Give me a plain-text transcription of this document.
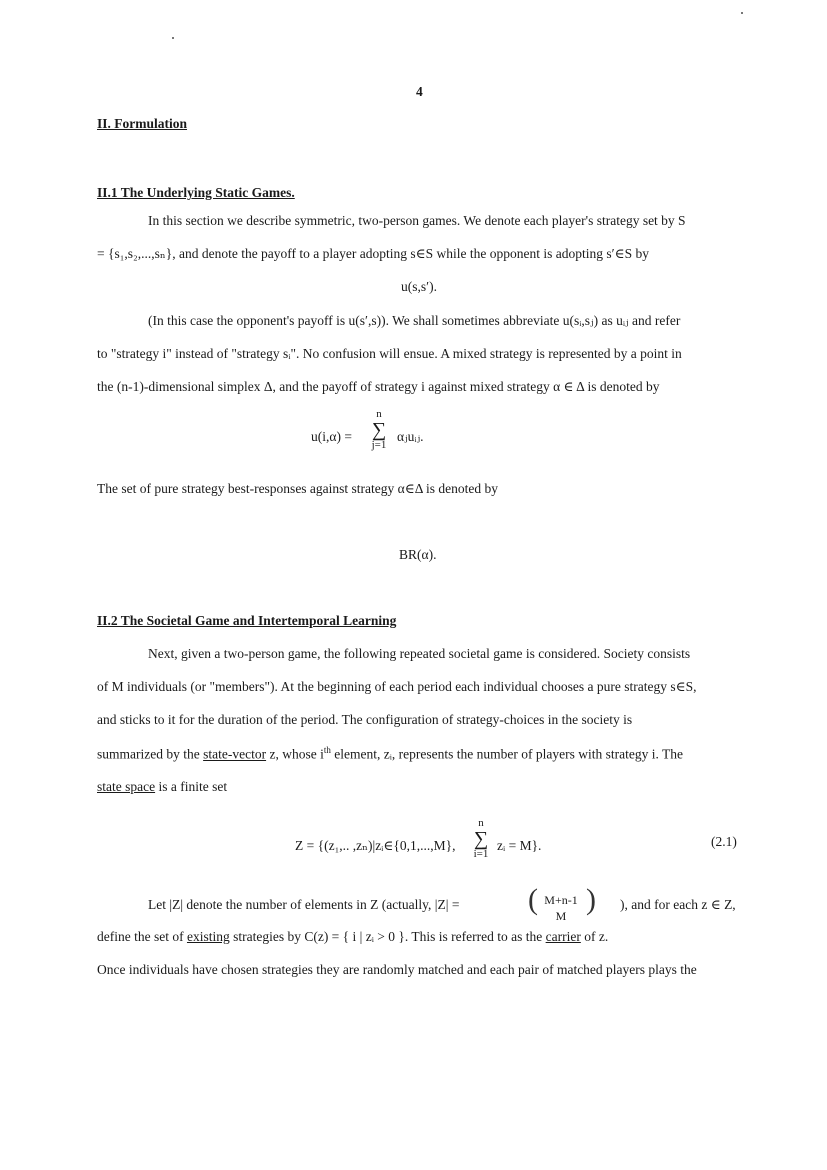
4
II. Formulation
II.1 The Underlying Static Games.
In this section we describe symmetric, two-person games. We denote each player's strategy set by S
= {s₁,s₂,...,sₙ}, and denote the payoff to a player adopting s∈S while the opponent is adopting s′∈S by
u(s,s′).
(In this case the opponent's payoff is u(s′,s)). We shall sometimes abbreviate u(sᵢ,sⱼ) as uᵢⱼ and refer
to "strategy i" instead of "strategy sᵢ". No confusion will ensue. A mixed strategy is represented by a point in
the (n-1)-dimensional simplex Δ, and the payoff of strategy i against mixed strategy α ∈ Δ is denoted by
u(i,α) =
n
∑
j=1
αⱼuᵢⱼ.
The set of pure strategy best-responses against strategy α∈Δ is denoted by
BR(α).
II.2 The Societal Game and Intertemporal Learning
Next, given a two-person game, the following repeated societal game is considered. Society consists
of M individuals (or "members"). At the beginning of each period each individual chooses a pure strategy s∈S,
and sticks to it for the duration of the period. The configuration of strategy-choices in the society is
summarized by the state-vector z, whose $i^{th}$ element, zᵢ, represents the number of players with strategy i. The
state space is a finite set
Z = {(z₁,.. ,zₙ)|zᵢ∈{0,1,...,M},
n
∑
i=1
zᵢ = M}.	(2.1)
Let |Z| denote the number of elements in Z (actually, |Z| = ( M+n-1
M ) ), and for each z ∈ Z,
define the set of existing strategies by C(z) = { i | zᵢ > 0 }. This is referred to as the carrier of z.
Once individuals have chosen strategies they are randomly matched and each pair of matched players plays the
